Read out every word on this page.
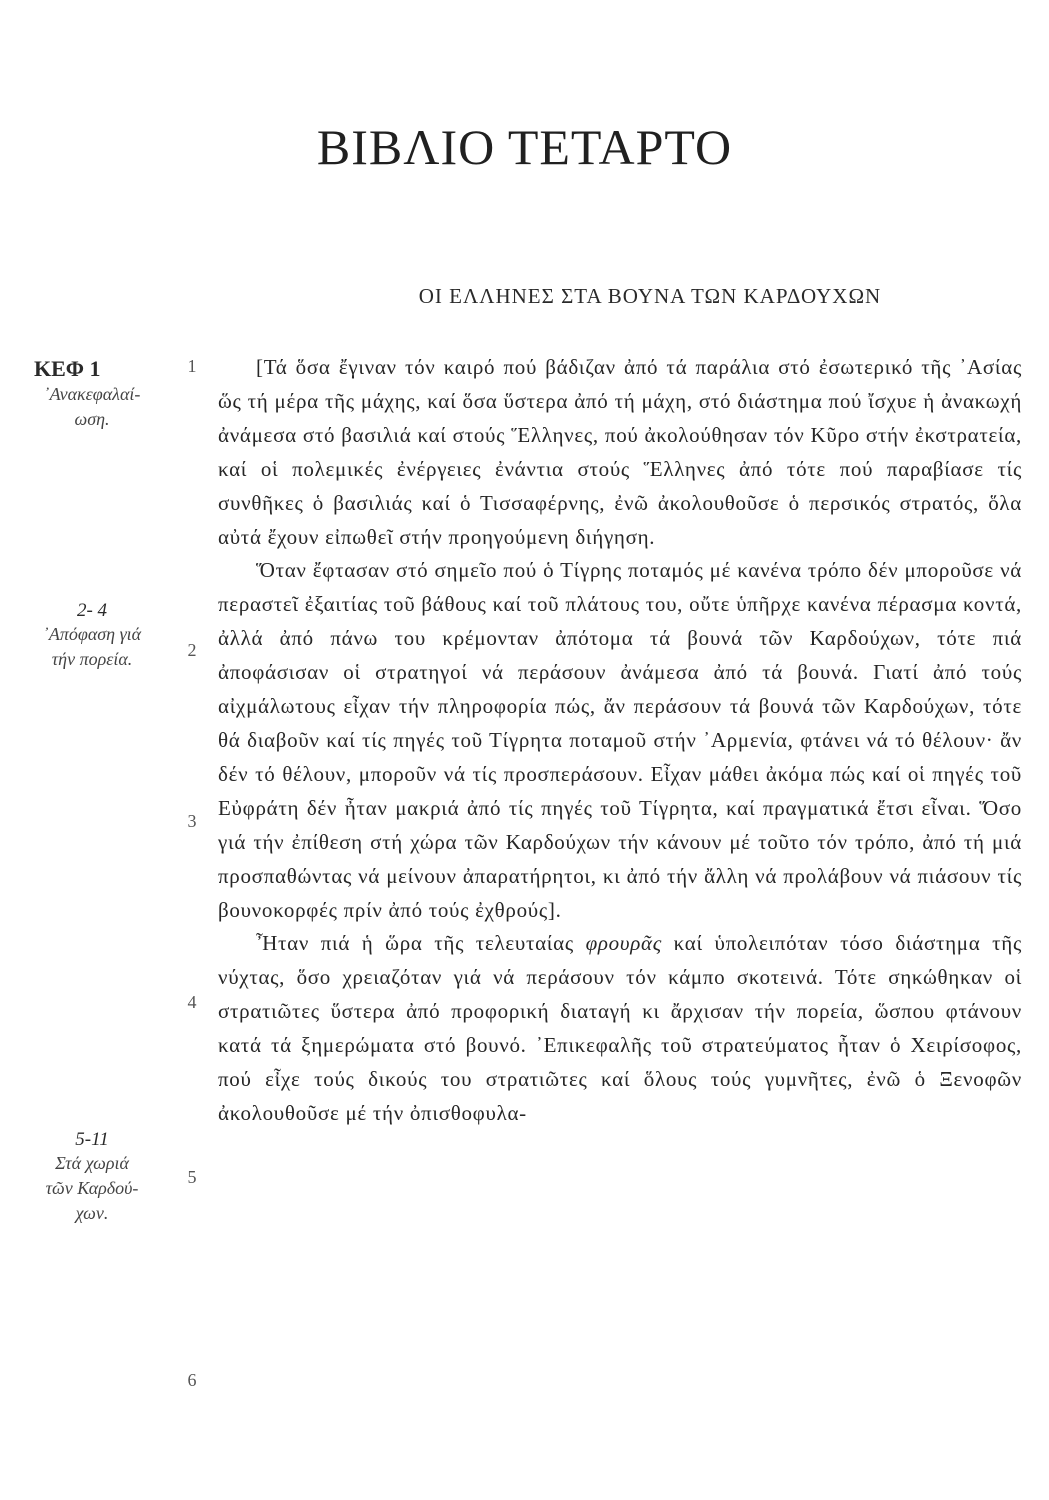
ΒΙΒΛΙΟ ΤΕΤΑΡΤΟ
ΟΙ ΕΛΛΗΝΕΣ ΣΤΑ ΒΟΥΝΑ ΤΩΝ ΚΑΡΔΟΥΧΩΝ
ΚΕΦ 1
᾿Ανακεφαλαί-
ωση.
2- 4
᾿Απόφαση γιά
τήν πορεία.
5-11
Στά χωριά
τῶν Καρδού-
χων.
1
2
3
4
5
6

[Τά ὅσα ἔγιναν τόν καιρό πού βάδιζαν ἀπό τά παράλια στό ἐσωτερικό τῆς ᾿Ασίας ὥς τή μέρα τῆς μάχης, καί ὅσα ὕστερα ἀπό τή μάχη, στό διάστημα πού ἴσχυε ἡ ἀνακωχή ἀνάμεσα στό βασιλιά καί στούς Ἕλληνες, πού ἀκολούθησαν τόν Κῦρο στήν ἐκστρατεία, καί οἱ πολεμικές ἐνέργειες ἐνάντια στούς Ἕλληνες ἀπό τότε πού παραβίασε τίς συνθῆκες ὁ βασιλιάς καί ὁ Τισσαφέρνης, ἐνῶ ἀκολουθοῦσε ὁ περσικός στρατός, ὅλα αὐτά ἔχουν εἰπωθεῖ στήν προηγούμενη διήγηση.

Ὅταν ἔφτασαν στό σημεῖο πού ὁ Τίγρης ποταμός μέ κανένα τρόπο δέν μποροῦσε νά περαστεῖ ἐξαιτίας τοῦ βάθους καί τοῦ πλάτους του, οὔτε ὑπῆρχε κανένα πέρασμα κοντά, ἀλλά ἀπό πάνω του κρέμονταν ἀπότομα τά βουνά τῶν Καρδούχων, τότε πιά ἀποφάσισαν οἱ στρατηγοί νά περάσουν ἀνάμεσα ἀπό τά βουνά. Γιατί ἀπό τούς αἰχμάλωτους εἶχαν τήν πληροφορία πώς, ἄν περάσουν τά βουνά τῶν Καρδούχων, τότε θά διαβοῦν καί τίς πηγές τοῦ Τίγρητα ποταμοῦ στήν ᾿Αρμενία, φτάνει νά τό θέλουν· ἄν δέν τό θέλουν, μποροῦν νά τίς προσπεράσουν. Εἶχαν μάθει ἀκόμα πώς καί οἱ πηγές τοῦ Εὐφράτη δέν ἦταν μακριά ἀπό τίς πηγές τοῦ Τίγρητα, καί πραγματικά ἔτσι εἶναι. Ὅσο γιά τήν ἐπίθεση στή χώρα τῶν Καρδούχων τήν κάνουν μέ τοῦτο τόν τρόπο, ἀπό τή μιά προσπαθώντας νά μείνουν ἀπαρατήρητοι, κι ἀπό τήν ἄλλη νά προλάβουν νά πιάσουν τίς βουνοκορφές πρίν ἀπό τούς ἐχθρούς].

Ἦταν πιά ἡ ὥρα τῆς τελευταίας φρουρᾶς καί ὑπολειπόταν τόσο διάστημα τῆς νύχτας, ὅσο χρειαζόταν γιά νά περάσουν τόν κάμπο σκοτεινά. Τότε σηκώθηκαν οἱ στρατιῶτες ὕστερα ἀπό προφορική διαταγή κι ἄρχισαν τήν πορεία, ὥσπου φτάνουν κατά τά ξημερώματα στό βουνό. ᾿Επικεφαλῆς τοῦ στρατεύματος ἦταν ὁ Χειρίσοφος, πού εἶχε τούς δικούς του στρατιῶτες καί ὅλους τούς γυμνῆτες, ἐνῶ ὁ Ξενοφῶν ἀκολουθοῦσε μέ τήν ὀπισθοφυλα-
